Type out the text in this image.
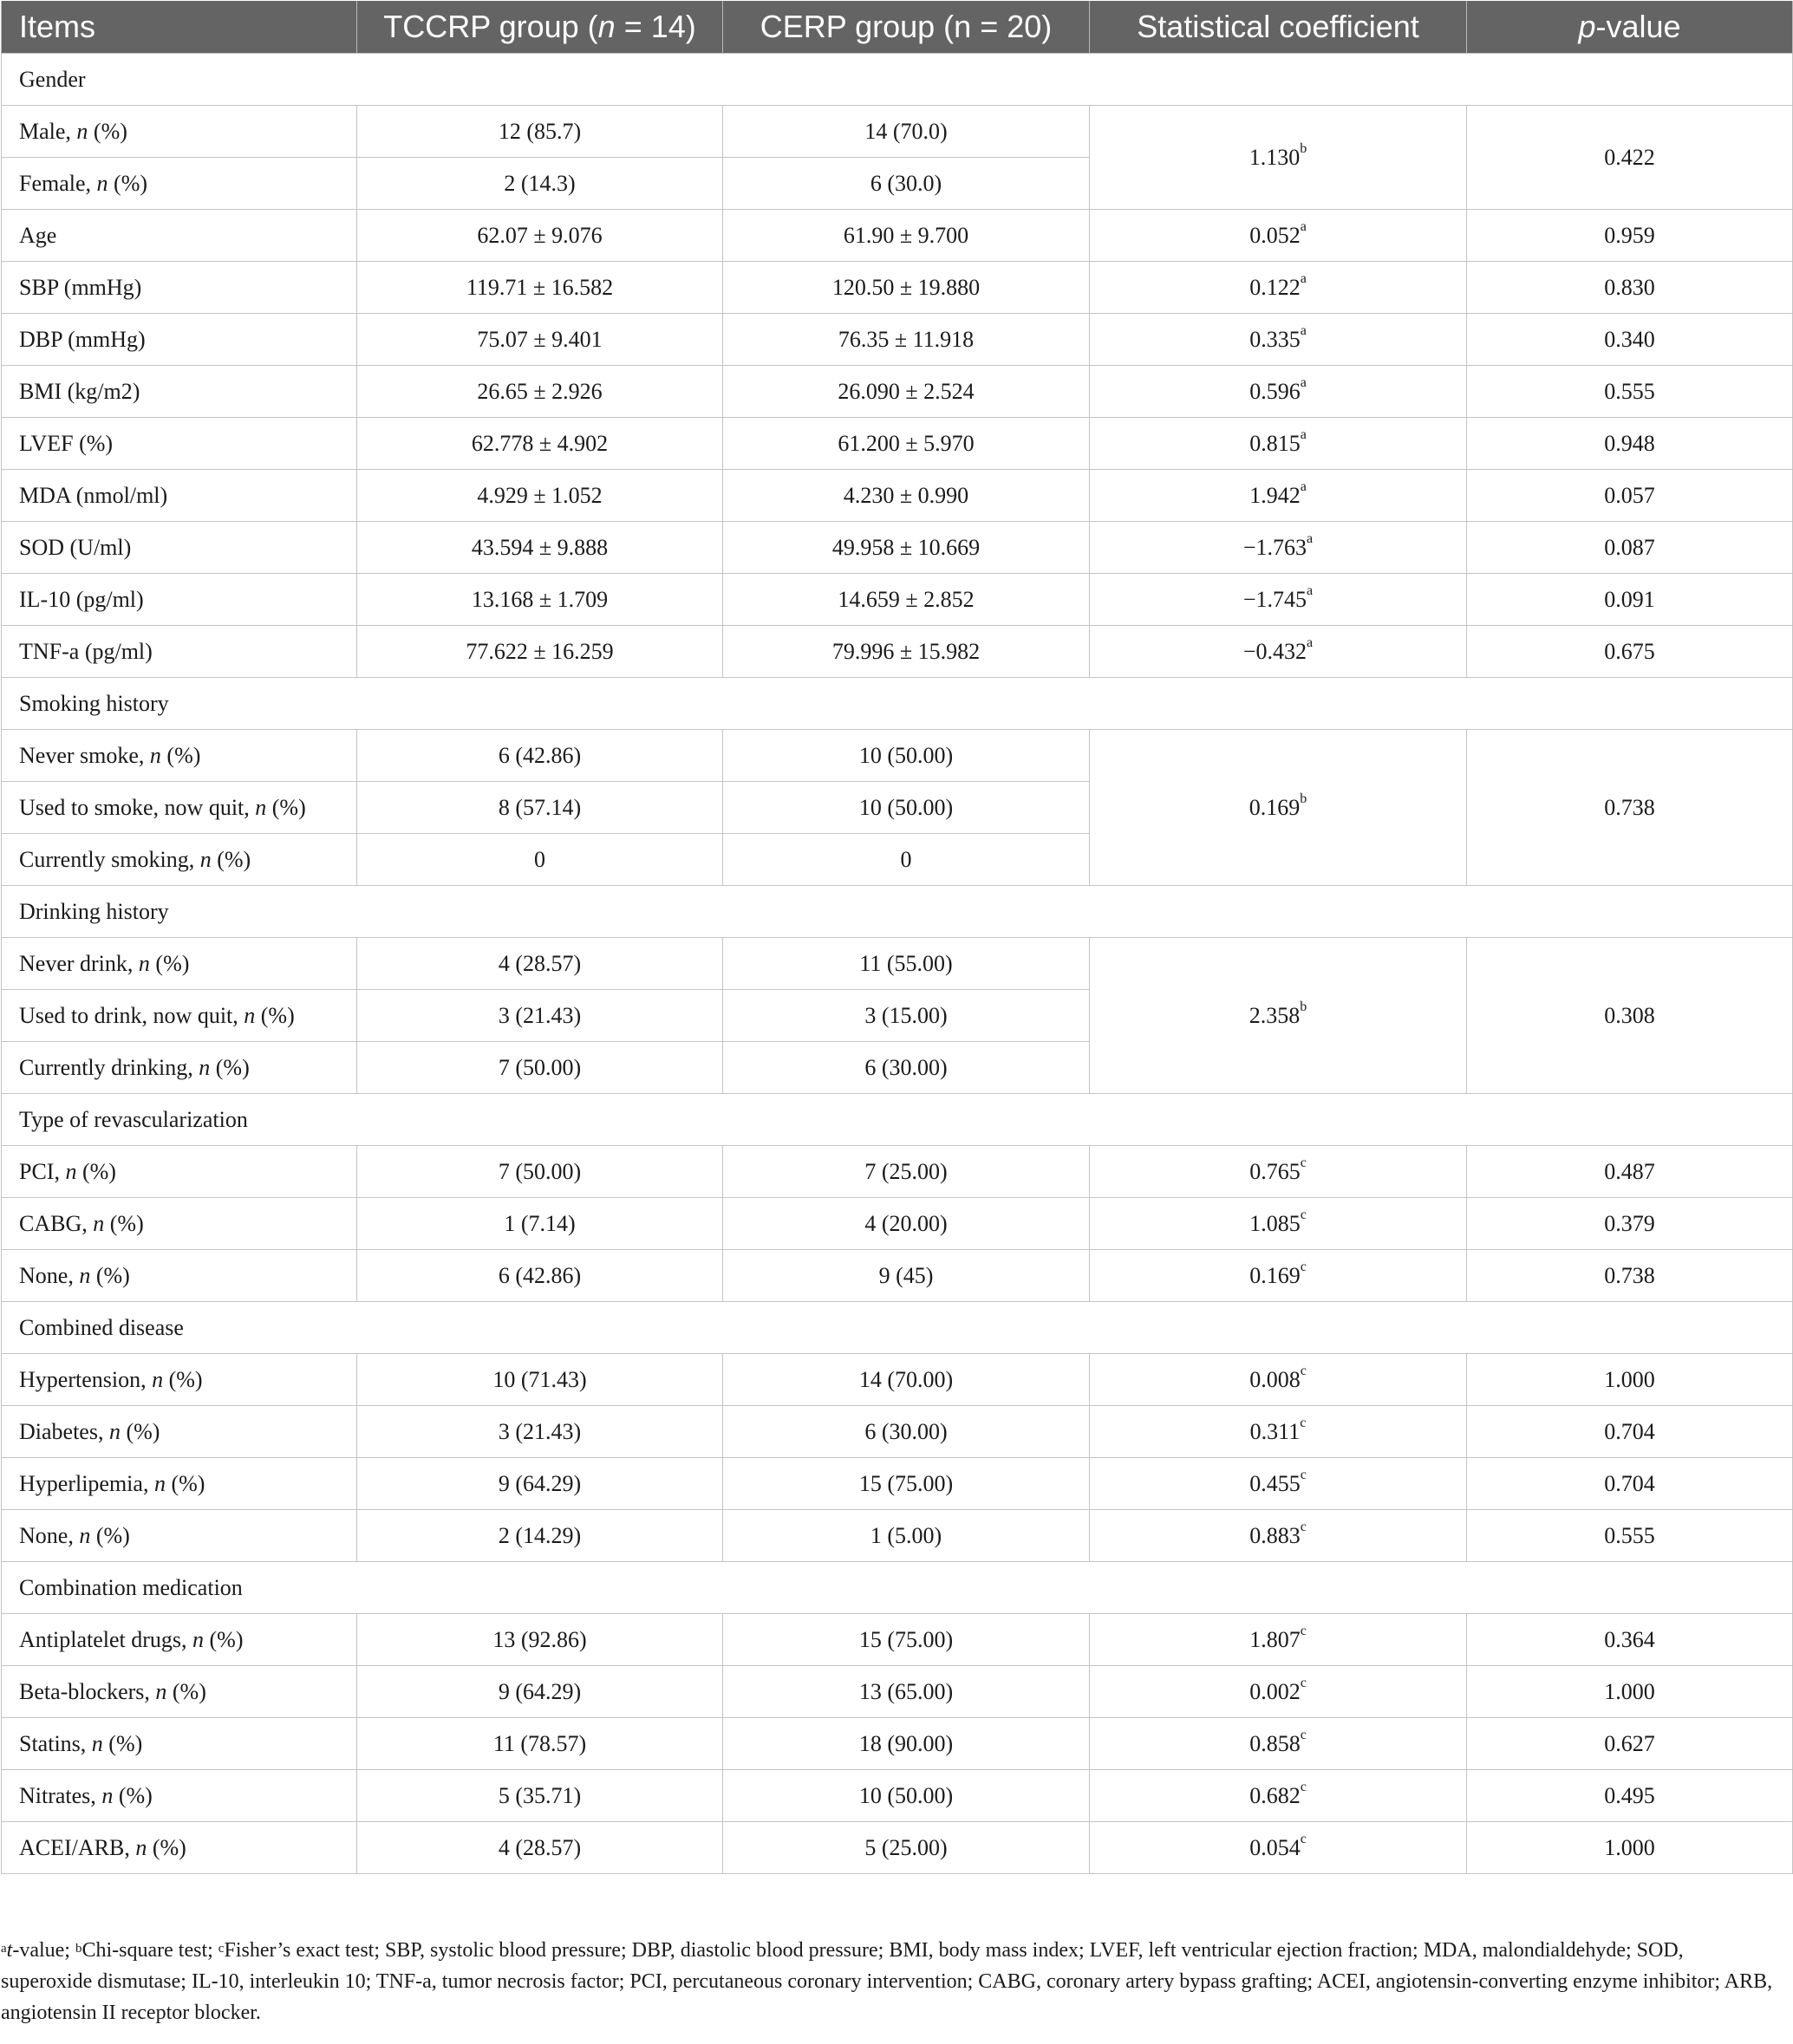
Items	TCCRP group (n = 14)	CERP group (n = 20)	Statistical coefficient	p-value
Gender				
Male, n (%)	12 (85.7)	14 (70.0)	1.130$^b$	0.422
Female, n (%)	2 (14.3)	6 (30.0)		
Age	62.07 ± 9.076	61.90 ± 9.700	0.052$^a$	0.959
SBP (mmHg)	119.71 ± 16.582	120.50 ± 19.880	0.122$^a$	0.830
DBP (mmHg)	75.07 ± 9.401	76.35 ± 11.918	0.335$^a$	0.340
BMI (kg/m2)	26.65 ± 2.926	26.090 ± 2.524	0.596$^a$	0.555
LVEF (%)	62.778 ± 4.902	61.200 ± 5.970	0.815$^a$	0.948
MDA (nmol/ml)	4.929 ± 1.052	4.230 ± 0.990	1.942$^a$	0.057
SOD (U/ml)	43.594 ± 9.888	49.958 ± 10.669	−1.763$^a$	0.087
IL-10 (pg/ml)	13.168 ± 1.709	14.659 ± 2.852	−1.745$^a$	0.091
TNF-a (pg/ml)	77.622 ± 16.259	79.996 ± 15.982	−0.432$^a$	0.675
Smoking history				
Never smoke, n (%)	6 (42.86)	10 (50.00)	0.169$^b$	0.738
Used to smoke, now quit, n (%)	8 (57.14)	10 (50.00)		
Currently smoking, n (%)	0	0		
Drinking history				
Never drink, n (%)	4 (28.57)	11 (55.00)	2.358$^b$	0.308
Used to drink, now quit, n (%)	3 (21.43)	3 (15.00)		
Currently drinking, n (%)	7 (50.00)	6 (30.00)		
Type of revascularization				
PCI, n (%)	7 (50.00)	7 (25.00)	0.765$^c$	0.487
CABG, n (%)	1 (7.14)	4 (20.00)	1.085$^c$	0.379
None, n (%)	6 (42.86)	9 (45)	0.169$^c$	0.738
Combined disease				
Hypertension, n (%)	10 (71.43)	14 (70.00)	0.008$^c$	1.000
Diabetes, n (%)	3 (21.43)	6 (30.00)	0.311$^c$	0.704
Hyperlipemia, n (%)	9 (64.29)	15 (75.00)	0.455$^c$	0.704
None, n (%)	2 (14.29)	1 (5.00)	0.883$^c$	0.555
Combination medication				
Antiplatelet drugs, n (%)	13 (92.86)	15 (75.00)	1.807$^c$	0.364
Beta-blockers, n (%)	9 (64.29)	13 (65.00)	0.002$^c$	1.000
Statins, n (%)	11 (78.57)	18 (90.00)	0.858$^c$	0.627
Nitrates, n (%)	5 (35.71)	10 (50.00)	0.682$^c$	0.495
ACEI/ARB, n (%)	4 (28.57)	5 (25.00)	0.054$^c$	1.000
$^a$t-value; $^b$Chi-square test; $^c$Fisher’s exact test; SBP, systolic blood pressure; DBP, diastolic blood pressure; BMI, body mass index; LVEF, left ventricular ejection fraction; MDA, malondialdehyde; SOD, superoxide dismutase; IL-10, interleukin 10; TNF-a, tumor necrosis factor; PCI, percutaneous coronary intervention; CABG, coronary artery bypass grafting; ACEI, angiotensin-converting enzyme inhibitor; ARB, angiotensin II receptor blocker.
